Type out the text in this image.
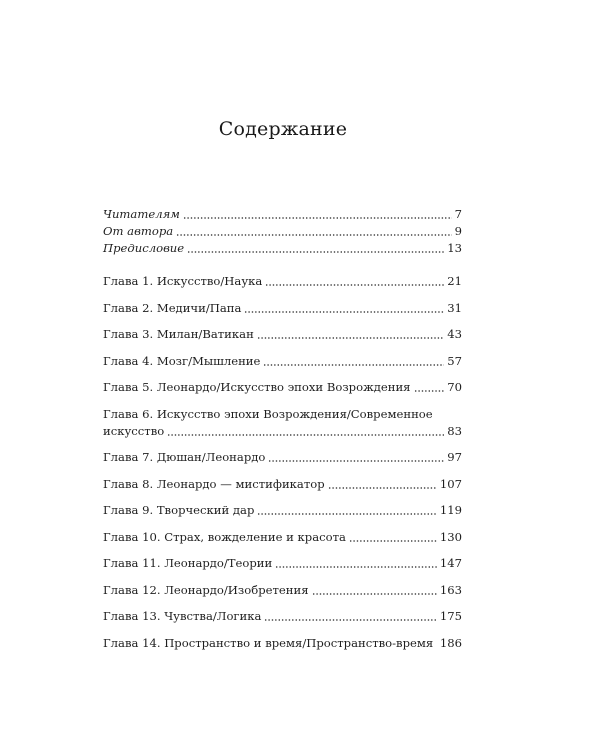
Содержание
Читателям	7
От автора	9
Предисловие	13
Глава 1. Искусство/Наука	21
Глава 2. Медичи/Папа	31
Глава 3. Милан/Ватикан	43
Глава 4. Мозг/Мышление	57
Глава 5. Леонардо/Искусство эпохи Возрождения	70
Глава 6. Искусство эпохи Возрождения/Современное
искусство	83
Глава 7. Дюшан/Леонардо	97
Глава 8. Леонардо — мистификатор	107
Глава 9. Творческий дар	119
Глава 10. Страх, вожделение и красота	130
Глава 11. Леонардо/Теории	147
Глава 12. Леонардо/Изобретения	163
Глава 13. Чувства/Логика	175
Глава 14. Пространство и время/Пространство-время 186
